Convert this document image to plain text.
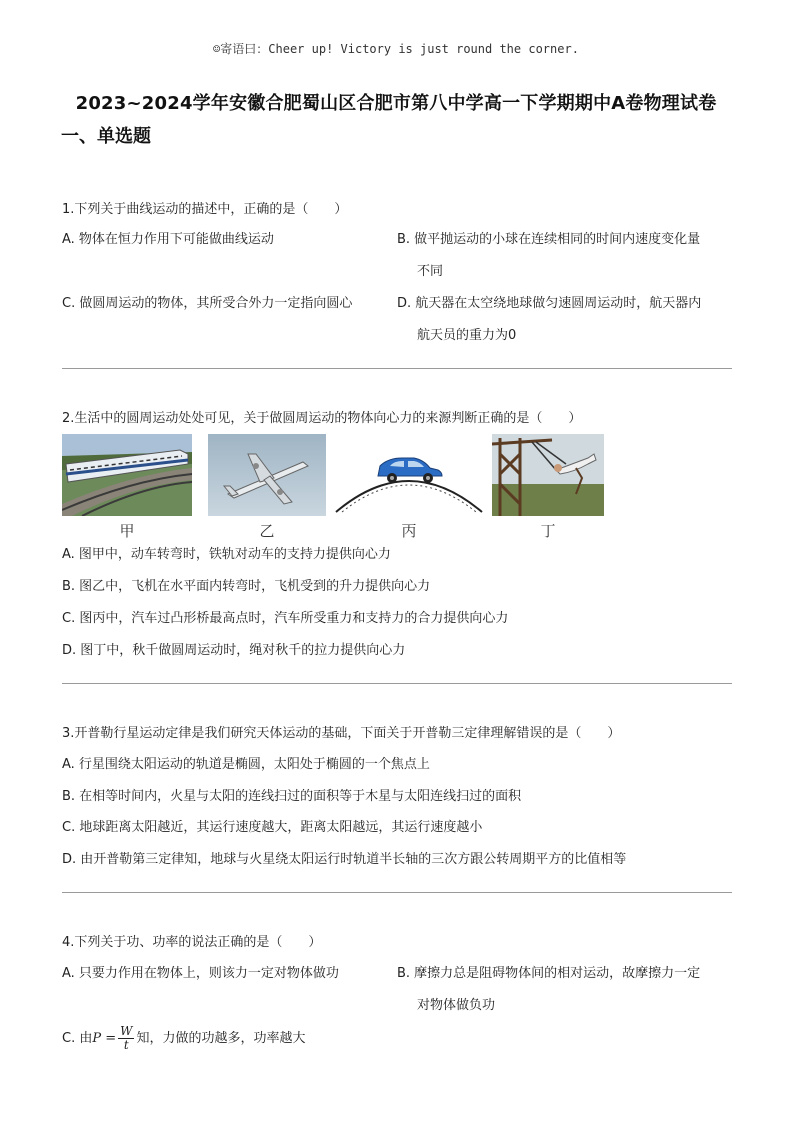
☺寄语曰：Cheer up! Victory is just round the corner.
2023~2024学年安徽合肥蜀山区合肥市第八中学高一下学期期中A卷物理试卷
一、单选题
1.下列关于曲线运动的描述中，正确的是（　　）
A. 物体在恒力作用下可能做曲线运动	B. 做平抛运动的小球在连续相同的时间内速度变化量
不同
C. 做圆周运动的物体，其所受合外力一定指向圆心	D. 航天器在太空绕地球做匀速圆周运动时，航天器内
航天员的重力为0
2.生活中的圆周运动处处可见，关于做圆周运动的物体向心力的来源判断正确的是（　　）
甲	乙	丙	丁
A. 图甲中，动车转弯时，铁轨对动车的支持力提供向心力
B. 图乙中，飞机在水平面内转弯时，飞机受到的升力提供向心力
C. 图丙中，汽车过凸形桥最高点时，汽车所受重力和支持力的合力提供向心力
D. 图丁中，秋千做圆周运动时，绳对秋千的拉力提供向心力
3.开普勒行星运动定律是我们研究天体运动的基础，下面关于开普勒三定律理解错误的是（　　）
A. 行星围绕太阳运动的轨道是椭圆，太阳处于椭圆的一个焦点上
B. 在相等时间内，火星与太阳的连线扫过的面积等于木星与太阳连线扫过的面积
C. 地球距离太阳越近，其运行速度越大，距离太阳越远，其运行速度越小
D. 由开普勒第三定律知，地球与火星绕太阳运行时轨道半长轴的三次方跟公转周期平方的比值相等
4.下列关于功、功率的说法正确的是（　　）
A. 只要力作用在物体上，则该力一定对物体做功	B. 摩擦力总是阻碍物体间的相对运动，故摩擦力一定
对物体做负功
C. 由$P = \frac{W}{t}$ 知，力做的功越多，功率越大
